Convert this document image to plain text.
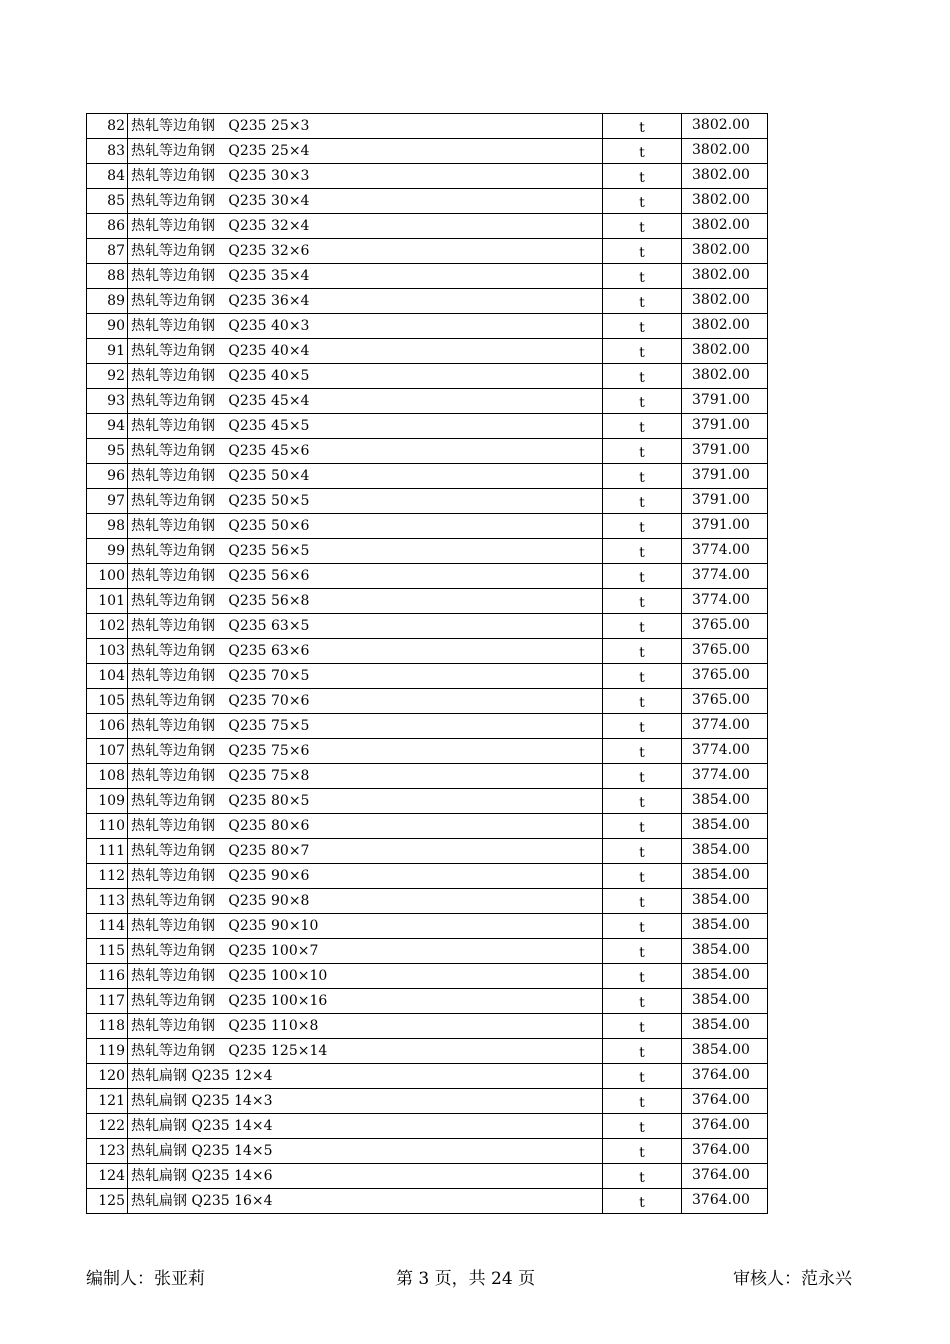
82	热轧等边角钢   Q235 25×3	t	3802.00
83	热轧等边角钢   Q235 25×4	t	3802.00
84	热轧等边角钢   Q235 30×3	t	3802.00
85	热轧等边角钢   Q235 30×4	t	3802.00
86	热轧等边角钢   Q235 32×4	t	3802.00
87	热轧等边角钢   Q235 32×6	t	3802.00
88	热轧等边角钢   Q235 35×4	t	3802.00
89	热轧等边角钢   Q235 36×4	t	3802.00
90	热轧等边角钢   Q235 40×3	t	3802.00
91	热轧等边角钢   Q235 40×4	t	3802.00
92	热轧等边角钢   Q235 40×5	t	3802.00
93	热轧等边角钢   Q235 45×4	t	3791.00
94	热轧等边角钢   Q235 45×5	t	3791.00
95	热轧等边角钢   Q235 45×6	t	3791.00
96	热轧等边角钢   Q235 50×4	t	3791.00
97	热轧等边角钢   Q235 50×5	t	3791.00
98	热轧等边角钢   Q235 50×6	t	3791.00
99	热轧等边角钢   Q235 56×5	t	3774.00
100	热轧等边角钢   Q235 56×6	t	3774.00
101	热轧等边角钢   Q235 56×8	t	3774.00
102	热轧等边角钢   Q235 63×5	t	3765.00
103	热轧等边角钢   Q235 63×6	t	3765.00
104	热轧等边角钢   Q235 70×5	t	3765.00
105	热轧等边角钢   Q235 70×6	t	3765.00
106	热轧等边角钢   Q235 75×5	t	3774.00
107	热轧等边角钢   Q235 75×6	t	3774.00
108	热轧等边角钢   Q235 75×8	t	3774.00
109	热轧等边角钢   Q235 80×5	t	3854.00
110	热轧等边角钢   Q235 80×6	t	3854.00
111	热轧等边角钢   Q235 80×7	t	3854.00
112	热轧等边角钢   Q235 90×6	t	3854.00
113	热轧等边角钢   Q235 90×8	t	3854.00
114	热轧等边角钢   Q235 90×10	t	3854.00
115	热轧等边角钢   Q235 100×7	t	3854.00
116	热轧等边角钢   Q235 100×10	t	3854.00
117	热轧等边角钢   Q235 100×16	t	3854.00
118	热轧等边角钢   Q235 110×8	t	3854.00
119	热轧等边角钢   Q235 125×14	t	3854.00
120	热轧扁钢 Q235 12×4	t	3764.00
121	热轧扁钢 Q235 14×3	t	3764.00
122	热轧扁钢 Q235 14×4	t	3764.00
123	热轧扁钢 Q235 14×5	t	3764.00
124	热轧扁钢 Q235 14×6	t	3764.00
125	热轧扁钢 Q235 16×4	t	3764.00
编制人：张亚莉	第 3 页，共 24 页	审核人：范永兴
